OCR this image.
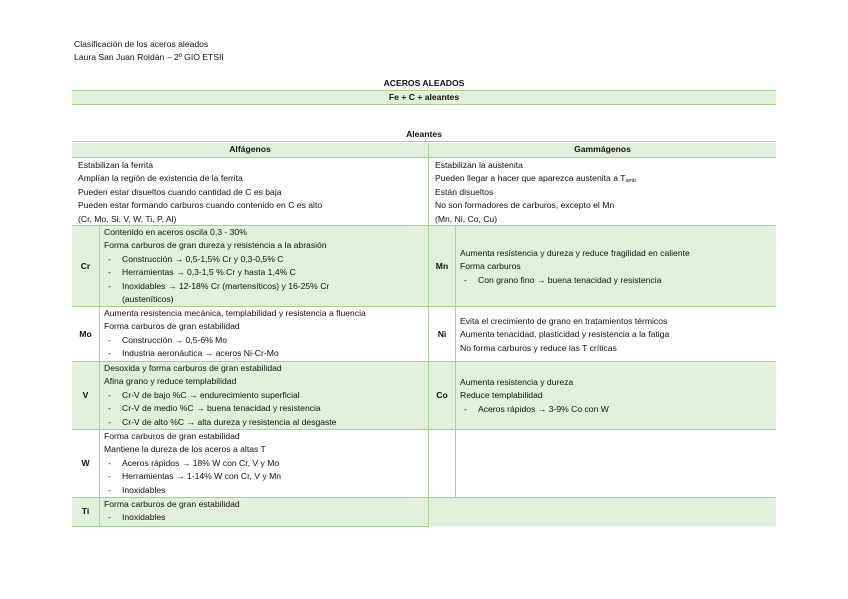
Clasificación de los aceros aleados
Laura San Juan Roldán – 2º GIO ETSII
ACEROS ALEADOS
Fe + C + aleantes
Aleantes
Alfágenos	Gammágenos
Estabilizan la ferrita
Amplían la región de existencia de la ferrita
Pueden estar disueltos cuando cantidad de C es baja
Pueden estar formando carburos cuando contenido en C es alto
(Cr, Mo, Si, V, W, Ti, P, Al)
Estabilizan la austenita
Pueden llegar a hacer que aparezca austenita a $T_{amb}$
Están disueltos
No son formadores de carburos, excepto el Mn
(Mn, Ni, Co, Cu)
Cr
Contenido en aceros oscila 0,3 - 30%
Forma carburos de gran dureza y resistencia a la abrasión
- Construcción → 0,5-1,5% Cr y 0,3-0,5% C
- Herramientas → 0,3-1,5 % Cr y hasta 1,4% C
- Inoxidables → 12-18% Cr (martensíticos) y 16-25% Cr
(austeníticos)
Mn
Aumenta resistencia y dureza y reduce fragilidad en caliente
Forma carburos
- Con grano fino → buena tenacidad y resistencia
Mo
Aumenta resistencia mecánica, templabilidad y resistencia a fluencia
Forma carburos de gran estabilidad
- Construcción → 0,5-6% Mo
- Industria aeronáutica → aceros Ni-Cr-Mo
Ni
Evita el crecimiento de grano en tratamientos térmicos
Aumenta tenacidad, plasticidad y resistencia a la fatiga
No forma carburos y reduce las T críticas
V
Desoxida y forma carburos de gran estabilidad
Afina grano y reduce templabilidad
- Cr-V de bajo %C → endurecimiento superficial
- Cr-V de medio %C → buena tenacidad y resistencia
- Cr-V de alto %C → alta dureza y resistencia al desgaste
Co
Aumenta resistencia y dureza
Reduce templabilidad
- Aceros rápidos → 3-9% Co con W
W
Forma carburos de gran estabilidad
Mantiene la dureza de los aceros a altas T
- Aceros rápidos → 18% W con Cr, V y Mo
- Herramientas → 1-14% W con Cr, V y Mn
- Inoxidables
Ti
Forma carburos de gran estabilidad
- Inoxidables
